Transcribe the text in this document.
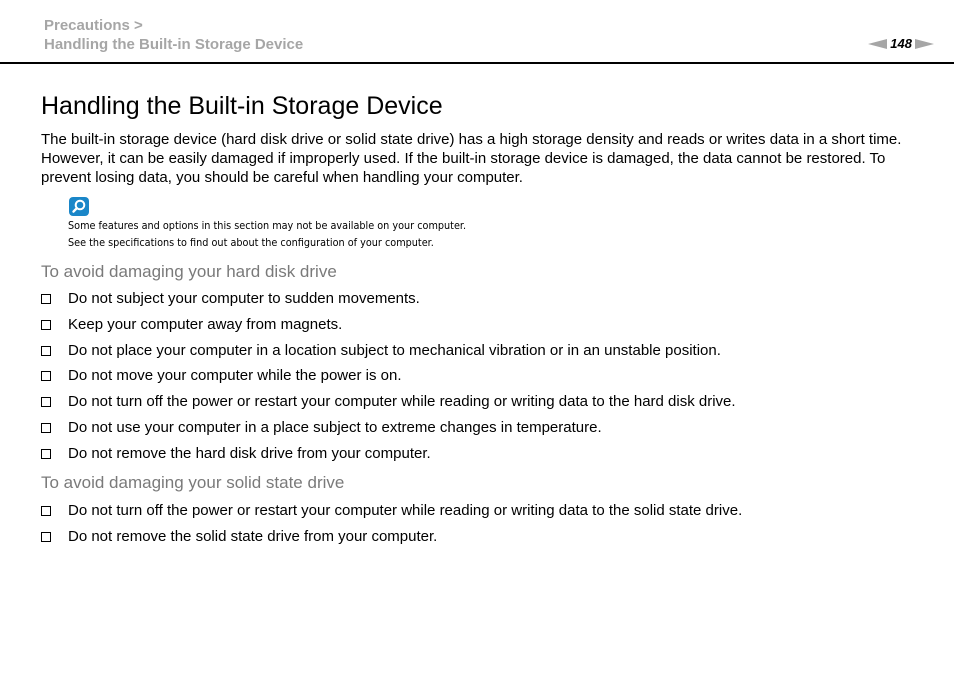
Precautions >
Handling the Built-in Storage Device	148
Handling the Built-in Storage Device

The built-in storage device (hard disk drive or solid state drive) has a high storage density and reads or writes data in a short time. However, it can be easily damaged if improperly used. If the built-in storage device is damaged, the data cannot be restored. To prevent losing data, you should be careful when handling your computer.

Some features and options in this section may not be available on your computer.
See the specifications to find out about the configuration of your computer.
To avoid damaging your hard disk drive
Do not subject your computer to sudden movements.
Keep your computer away from magnets.
Do not place your computer in a location subject to mechanical vibration or in an unstable position.
Do not move your computer while the power is on.
Do not turn off the power or restart your computer while reading or writing data to the hard disk drive.
Do not use your computer in a place subject to extreme changes in temperature.
Do not remove the hard disk drive from your computer.
To avoid damaging your solid state drive
Do not turn off the power or restart your computer while reading or writing data to the solid state drive.
Do not remove the solid state drive from your computer.
